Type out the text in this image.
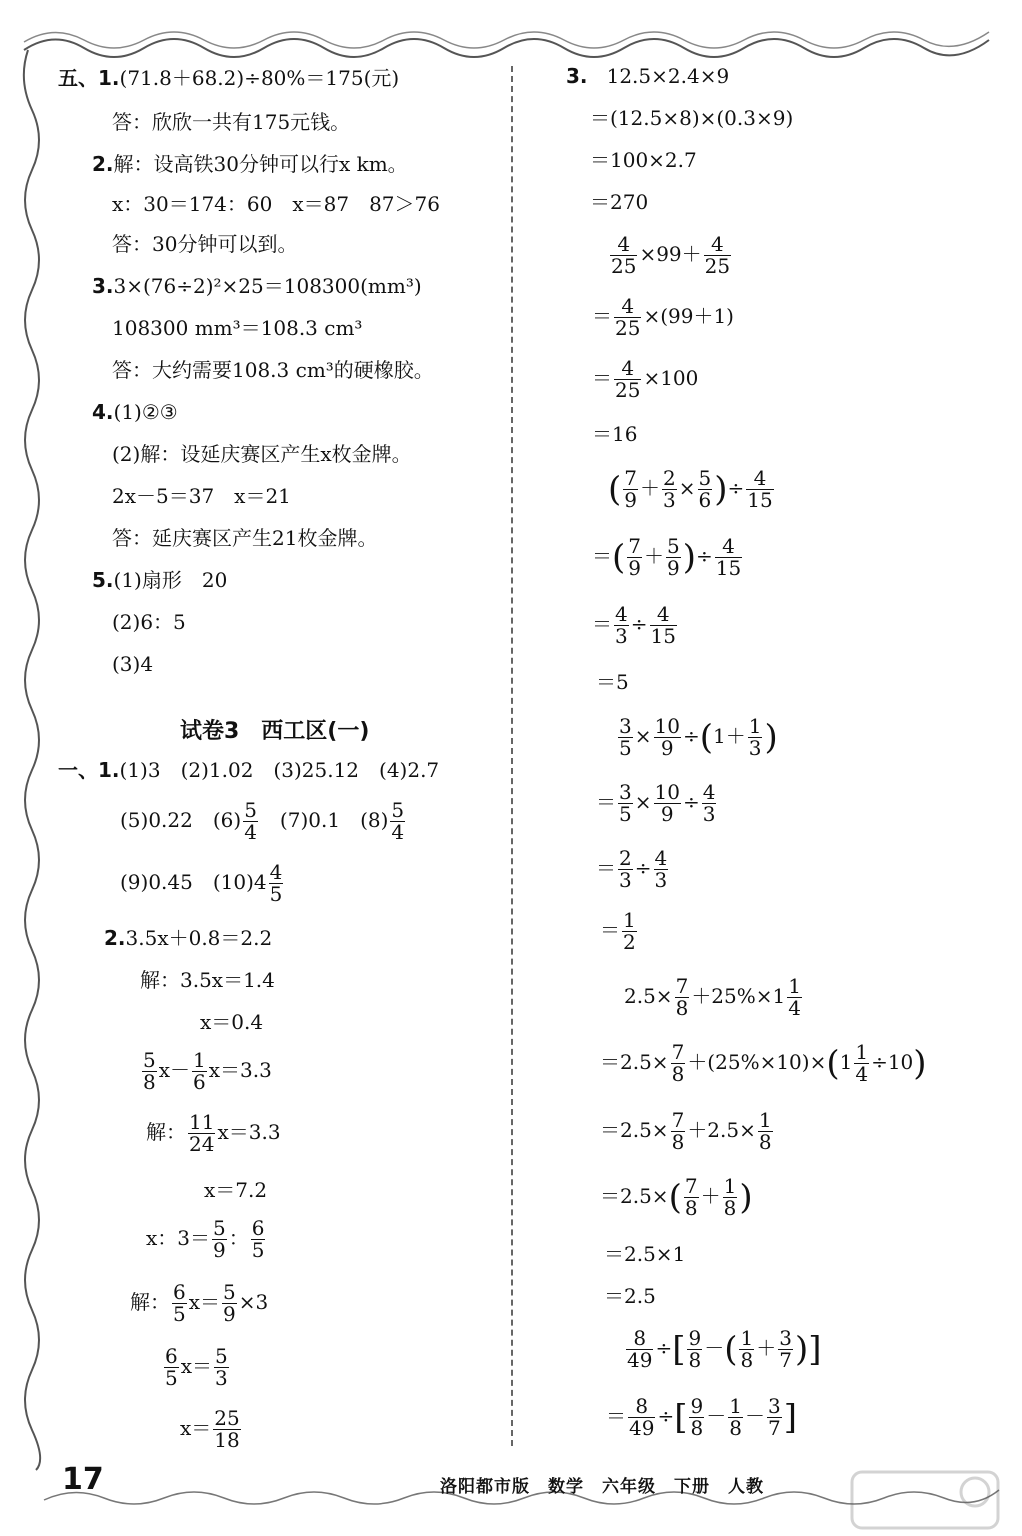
五、1.(71.8＋68.2)÷80%＝175(元)
答：欣欣一共有175元钱。
2.解：设高铁30分钟可以行x km。
x：30＝174：60　x＝87　87＞76
答：30分钟可以到。
3.3×(76÷2)²×25＝108300(mm³)
108300 mm³＝108.3 cm³
答：大约需要108.3 cm³的硬橡胶。
4.(1)②③
(2)解：设延庆赛区产生x枚金牌。
2x－5＝37　x＝21
答：延庆赛区产生21枚金牌。
5.(1)扇形　20
(2)6：5
(3)4
试卷3　西工区(一)
一、1.(1)3　(2)1.02　(3)25.12　(4)2.7
(5)0.22　$(6) \frac{5}{4}$ 　(7)0.1　$(8) \frac{5}{4}$
(9)0.45　$(10)4 \frac{4}{5}$
2.3.5x＋0.8＝2.2
解：3.5x＝1.4
x＝0.4
$\frac{5}{8} x- \frac{1}{6} x=3.3$
解： $\frac{11}{24} x=3.3$
x＝7.2
x：$3= \frac{5}{9}$ ： $\frac{6}{5}$
解： $\frac{6}{5} x= \frac{5}{9} \times 3$
$\frac{6}{5} x= \frac{5}{3}$
$x= \frac{25}{18}$
3. 12.5×2.4×9
＝(12.5×8)×(0.3×9)
＝100×2.7
＝270
$\frac{4}{25} \times 99+ \frac{4}{25}$
＝ $\frac{4}{25} \times(99+1)$
＝ $\frac{4}{25} \times 100$
＝16
( $\frac{7}{9} + \frac{2}{3} \times \frac{5}{6}$ )÷ $\frac{4}{15}$
＝( $\frac{7}{9} + \frac{5}{9}$ )÷ $\frac{4}{15}$
＝ $\frac{4}{3} \div \frac{4}{15}$
＝5
$\frac{3}{5} \times \frac{10}{9} \div(1+ \frac{1}{3}$ )
＝ $\frac{3}{5} \times \frac{10}{9} \div \frac{4}{3}$
＝ $\frac{2}{3} \div \frac{4}{3}$
＝ $\frac{1}{2}$
$2.5\times \frac{7}{8} +25\%\times 1 \frac{1}{4}$
$=2.5\times \frac{7}{8} +(25\%\times 10)\times(1 \frac{1}{4} \div 10)$
$=2.5\times \frac{7}{8} +2.5\times \frac{1}{8}$
$=2.5\times( \frac{7}{8} + \frac{1}{8}$ )
＝2.5×1
＝2.5
$\frac{8}{49}$ ÷[ $\frac{9}{8}$ －( $\frac{1}{8} + \frac{3}{7}$ )]
＝ $\frac{8}{49}$ ÷[ $\frac{9}{8} - \frac{1}{8} - \frac{3}{7}$ ]
17	洛阳都市版　数学　六年级　下册　人教
